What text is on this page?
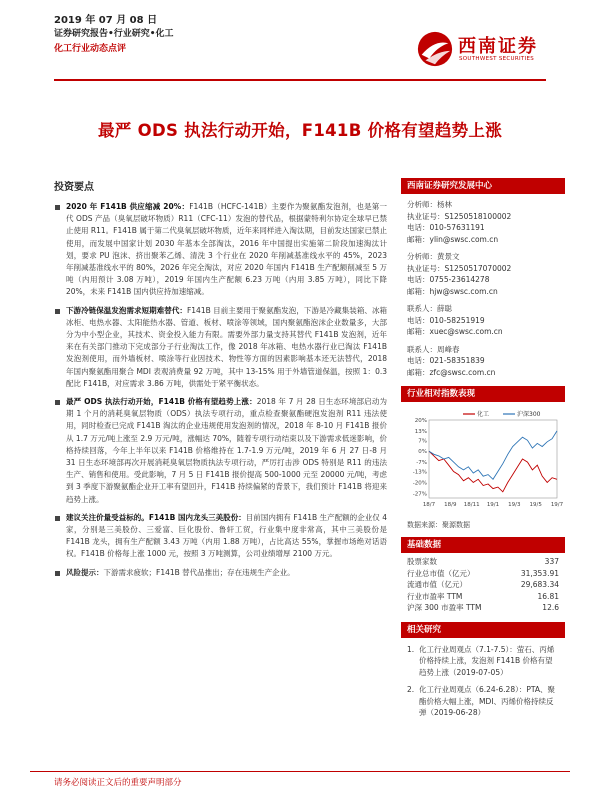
2019 年 07 月 08 日
证券研究报告•行业研究•化工
化工行业动态点评	西南证券
SOUTHWEST SECURITIES
最严 ODS 执法行动开始，F141B 价格有望趋势上涨
投资要点
2020 年 F141B 供应缩减 20%：F141B（HCFC-141B）主要作为聚氨酯发泡剂，也是第一代 ODS 产品（臭氧层破坏物质）R11（CFC-11）发泡的替代品，根据蒙特利尔协定全球早已禁止使用 R11。F141B 属于第二代臭氧层破坏物质，近年来同样进入淘汰期，目前发达国家已禁止使用，而发展中国家计划 2030 年基本全部淘汰，2016 年中国提出实施第二阶段加速淘汰计划，要求 PU 泡沫、挤出聚苯乙烯、清洗 3 个行业在 2020 年削减基准线水平的 45%，2023 年削减基准线水平的 80%，2026 年完全淘汰，对应 2020 年国内 F141B 生产配额削减至 5 万吨（内用预计 3.08 万吨），2019 年国内生产配额 6.23 万吨（内用 3.85 万吨），同比下降 20%，未来 F141B 国内供应持加速缩减。
下游冷链保温发泡需求短期难替代：F141B 目前主要用于聚氨酯发泡，下游是冷藏集装箱、冰箱冰柜、电热水器、太阳能热水器、管道、板材、喷涂等领域，国内聚氨酯泡沫企业数量多，大部分为中小型企业，其技术、资金投入能力有限。需要外部力量支持其替代 F141B 发泡剂，近年来在有关部门推动下完成部分子行业淘汰工作，像 2018 年冰箱、电热水器行业已淘汰 F141B 发泡剂使用，而外墙板材、喷涂等行业因技术、物性等方面的因素影响基本还无法替代，2018 年国内聚氨酯用聚合 MDI 表观消费量 92 万吨，其中 13-15% 用于外墙管道保温，按照 1：0.3 配比 F141B，对应需求 3.86 万吨，供需处于紧平衡状态。
最严 ODS 执法行动开始，F141B 价格有望趋势上涨：2018 年 7 月 28 日生态环境部启动为期 1 个月的消耗臭氧层物质（ODS）执法专项行动，重点检查聚氨酯硬泡发泡剂 R11 违法使用，同时检查已完成 F141B 淘汰的企业违规使用发泡剂的情况，2018 年 8-10 月 F141B 报价从 1.7 万元/吨上涨至 2.9 万元/吨，涨幅达 70%，随着专项行动结束以及下游需求低迷影响，价格持续回落，今年上半年以来 F141B 价格维持在 1.7-1.9 万元/吨，2019 年 6 月 27 日-8 月 31 日生态环境部再次开展消耗臭氧层物质执法专项行动，严厉打击涉 ODS 特别是 R11 的违法生产、销售和使用。受此影响，7 月 5 日 F141B 报价提高 500-1000 元至 20000 元/吨，考虑到 3 季度下游聚氨酯企业开工率有望回升，F141B 持续偏紧的背景下，我们预计 F141B 将迎来趋势上涨。
建议关注价量受益标的。F141B 国内龙头三美股份：目前国内拥有 F141B 生产配额的企业仅 4 家，分别是三美股份、三爱富、巨化股份、鲁轩工贸，行业集中度非常高，其中三美股份是 F141B 龙头，拥有生产配额 3.43 万吨（内用 1.88 万吨），占比高达 55%，掌握市场绝对话语权。F141B 价格每上涨 1000 元，按照 3 万吨测算，公司业绩增厚 2100 万元。
风险提示：下游需求疲软；F141B 替代品推出；存在违规生产企业。
西南证券研究发展中心
分析师：杨林
执业证号：S1250518100002
电话：010-57631191
邮箱：ylin@swsc.com.cn
分析师：黄景文
执业证号：S1250517070002
电话：0755-23614278
邮箱：hjw@swsc.com.cn
联系人：薛聪
电话：010-58251919
邮箱：xuec@swsc.com.cn
联系人：周峰春
电话：021-58351839
邮箱：zfc@swsc.com.cn
行业相对指数表现
20%
13%
7%
0%
-7%
-13%
-20%
-27%
18/7 18/9 18/11 19/1 19/3 19/5 19/7
化工	沪深300
数据来源：聚源数据
基础数据
股票家数	337
行业总市值（亿元）	31,353.91
流通市值（亿元）	29,683.34
行业市盈率 TTM	16.81
沪深 300 市盈率 TTM	12.6
相关研究
1. 化工行业周观点（7.1-7.5）：萤石、丙烯价格持续上涨，发泡剂 F141B 价格有望趋势上涨（2019-07-05）
2. 化工行业周观点（6.24-6.28）：PTA、聚酯价格大幅上涨，MDI、丙烯价格持续反弹（2019-06-28）
请务必阅读正文后的重要声明部分
